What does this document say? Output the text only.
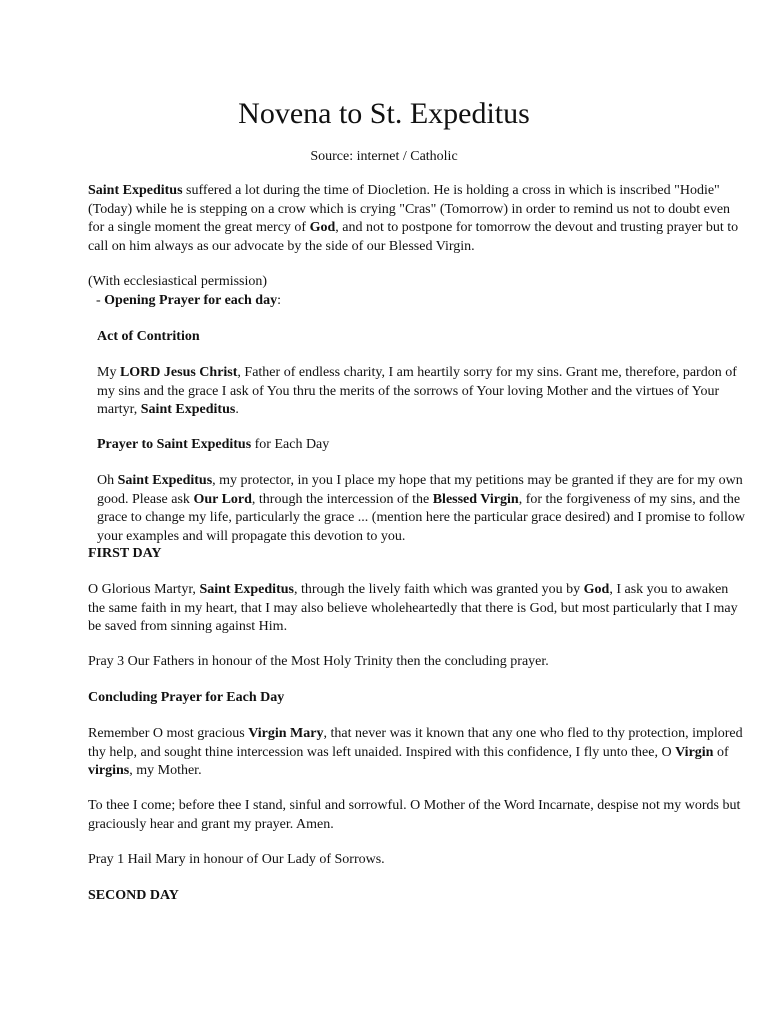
Novena to St. Expeditus
Source: internet / Catholic

Saint Expeditus suffered a lot during the time of Diocletion. He is holding a cross in which is inscribed "Hodie" (Today) while he is stepping on a crow which is crying "Cras" (Tomorrow) in order to remind us not to doubt even for a single moment the great mercy of God, and not to postpone for tomorrow the devout and trusting prayer but to call on him always as our advocate by the side of our Blessed Virgin.

(With ecclesiastical permission)

- Opening Prayer for each day:

Act of Contrition

My LORD Jesus Christ, Father of endless charity, I am heartily sorry for my sins. Grant me, therefore, pardon of my sins and the grace I ask of You thru the merits of the sorrows of Your loving Mother and the virtues of Your martyr, Saint Expeditus.

Prayer to Saint Expeditus for Each Day

Oh Saint Expeditus, my protector, in you I place my hope that my petitions may be granted if they are for my own good. Please ask Our Lord, through the intercession of the Blessed Virgin, for the forgiveness of my sins, and the grace to change my life, particularly the grace ... (mention here the particular grace desired) and I promise to follow your examples and will propagate this devotion to you.

FIRST DAY

O Glorious Martyr, Saint Expeditus, through the lively faith which was granted you by God, I ask you to awaken the same faith in my heart, that I may also believe wholeheartedly that there is God, but most particularly that I may be saved from sinning against Him.

Pray 3 Our Fathers in honour of the Most Holy Trinity then the concluding prayer.

Concluding Prayer for Each Day

Remember O most gracious Virgin Mary, that never was it known that any one who fled to thy protection, implored thy help, and sought thine intercession was left unaided. Inspired with this confidence, I fly unto thee, O Virgin of virgins, my Mother.

To thee I come; before thee I stand, sinful and sorrowful. O Mother of the Word Incarnate, despise not my words but graciously hear and grant my prayer. Amen.

Pray 1 Hail Mary in honour of Our Lady of Sorrows.

SECOND DAY
